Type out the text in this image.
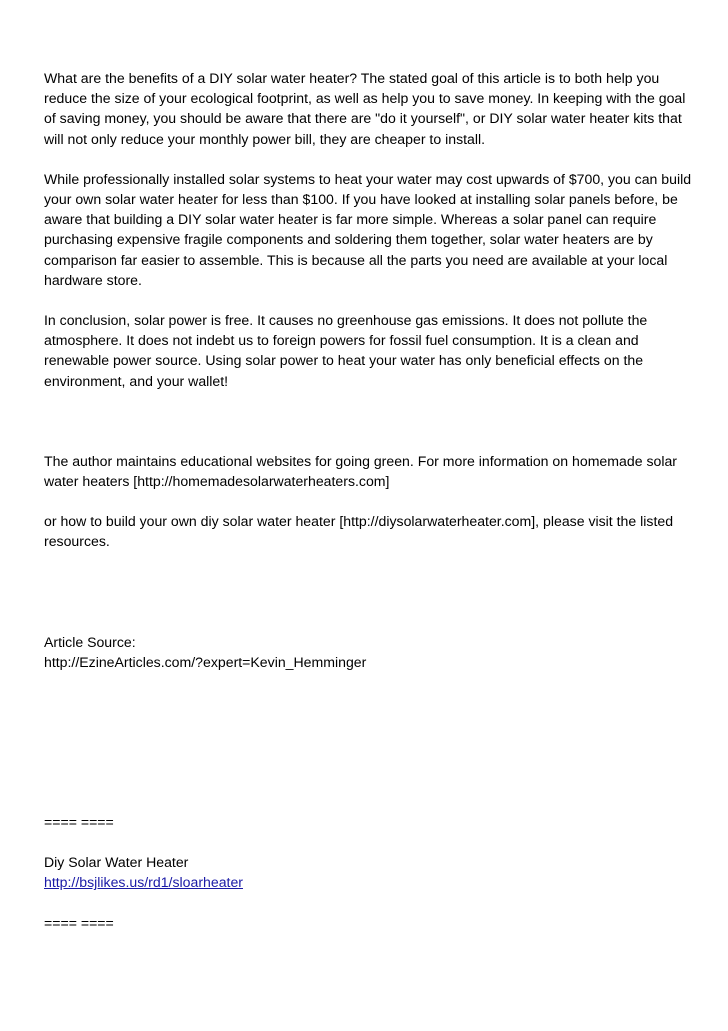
What are the benefits of a DIY solar water heater? The stated goal of this article is to both help you reduce the size of your ecological footprint, as well as help you to save money. In keeping with the goal of saving money, you should be aware that there are "do it yourself", or DIY solar water heater kits that will not only reduce your monthly power bill, they are cheaper to install.

While professionally installed solar systems to heat your water may cost upwards of $700, you can build your own solar water heater for less than $100. If you have looked at installing solar panels before, be aware that building a DIY solar water heater is far more simple. Whereas a solar panel can require purchasing expensive fragile components and soldering them together, solar water heaters are by comparison far easier to assemble. This is because all the parts you need are available at your local hardware store.

In conclusion, solar power is free. It causes no greenhouse gas emissions. It does not pollute the atmosphere. It does not indebt us to foreign powers for fossil fuel consumption. It is a clean and renewable power source. Using solar power to heat your water has only beneficial effects on the environment, and your wallet!

The author maintains educational websites for going green. For more information on homemade solar water heaters [http://homemadesolarwaterheaters.com]

or how to build your own diy solar water heater [http://diysolarwaterheater.com], please visit the listed resources.

Article Source:

http://EzineArticles.com/?expert=Kevin_Hemminger

==== ====

Diy Solar Water Heater

http://bsjlikes.us/rd1/sloarheater

==== ====
